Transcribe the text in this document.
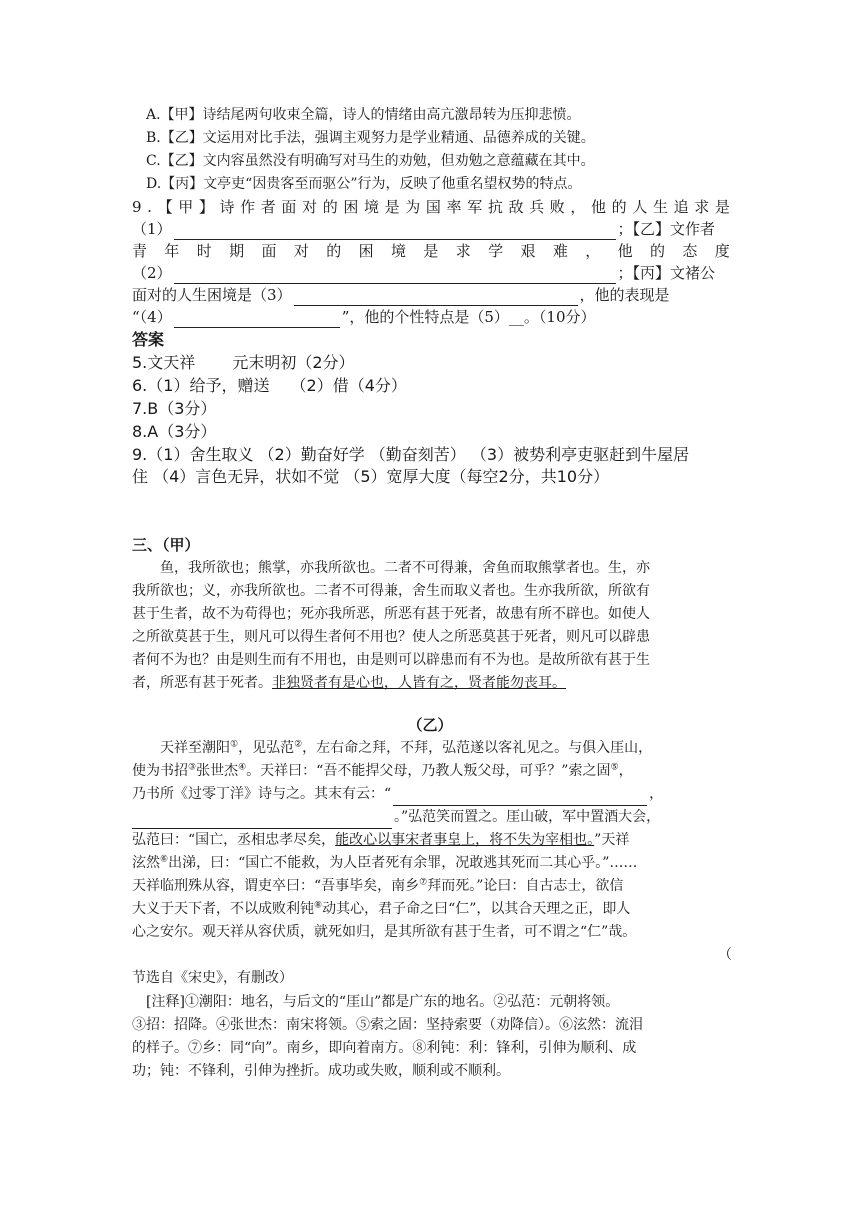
A.【甲】诗结尾两句收束全篇，诗人的情绪由高亢激昂转为压抑悲愤。
B.【乙】文运用对比手法，强调主观努力是学业精通、品德养成的关键。
C.【乙】文内容虽然没有明确写对马生的劝勉，但劝勉之意蕴藏在其中。
D.【丙】文亭吏“因贵客至而驱公”行为，反映了他重名望权势的特点。
9 . 【 甲 】 诗 作 者 面 对 的 困 境 是 为 国 率 军 抗 敌 兵 败 ， 他 的 人 生 追 求 是
（1）	；【乙】文作者
青 年 时 期 面 对 的 困 境 是 求 学 艰 难 ， 他 的 态 度
（2）	；【丙】文褚公
面对的人生困境是（3）	，他的表现是
“（4）	”，他的个性特点是（5）__。（10分）
答案
5.文天祥　　 元末明初（2分）
6.（1）给予，赠送　 （2）借（4分）
7.B（3分）
8.A（3分）
9.（1）舍生取义 （2）勤奋好学 （勤奋刻苦） （3）被势利亭吏驱赶到牛屋居
住 （4）言色无异，状如不觉 （5）宽厚大度（每空2分，共10分）
三、（甲）
鱼，我所欲也；熊掌，亦我所欲也。二者不可得兼，舍鱼而取熊掌者也。生，亦
我所欲也；义，亦我所欲也。二者不可得兼，舍生而取义者也。生亦我所欲，所欲有
甚于生者，故不为苟得也；死亦我所恶，所恶有甚于死者，故患有所不辟也。如使人
之所欲莫甚于生，则凡可以得生者何不用也？使人之所恶莫甚于死者，则凡可以辟患
者何不为也？由是则生而有不用也，由是则可以辟患而有不为也。是故所欲有甚于生
者，所恶有甚于死者。非独贤者有是心也，人皆有之，贤者能勿丧耳。
（乙）
天祥至潮阳①，见弘范②，左右命之拜，不拜，弘范遂以客礼见之。与俱入厓山，
使为书招③张世杰④。天祥曰：“吾不能捍父母，乃教人叛父母，可乎？”索之固⑤，
乃书所《过零丁洋》诗与之。其末有云：“	，
。”弘范笑而置之。厓山破，军中置酒大会，
弘范曰：“国亡，丞相忠孝尽矣，能改心以事宋者事皇上，将不失为宰相也。”天祥
泫然⑥出涕，曰：“国亡不能救，为人臣者死有余罪，况敢逃其死而二其心乎。”……
天祥临刑殊从容，谓吏卒曰：“吾事毕矣，南乡⑦拜而死。”论曰：自古志士，欲信
大义于天下者，不以成败利钝⑧动其心，君子命之曰“仁”，以其合天理之正，即人
心之安尔。观天祥从容伏质，就死如归，是其所欲有甚于生者，可不谓之“仁”哉。
（
节选自《宋史》，有删改）
[注释]①潮阳：地名，与后文的“厓山”都是广东的地名。②弘范：元朝将领。
③招：招降。④张世杰：南宋将领。⑤索之固：坚持索要（劝降信）。⑥泫然：流泪
的样子。⑦乡：同“向”。南乡，即向着南方。⑧利钝：利：锋利，引伸为顺利、成
功；钝：不锋利，引伸为挫折。成功或失败，顺利或不顺利。
